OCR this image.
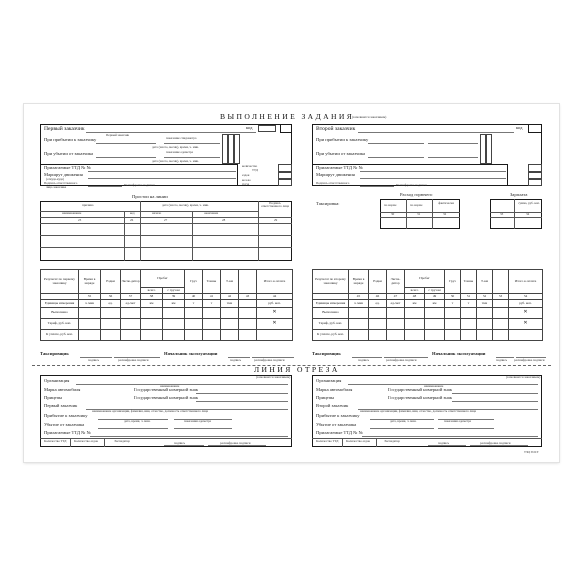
ВЫПОЛНЕНИЕ ЗАДАНИЯ
(заполняется заказчиком)
Первый заказчик	код
Первый заказчик
При прибытии к заказчику	показание спидометра
дата (число, месяц), время, ч. мин.
При убытии от заказчика	показание одометра
дата (число, месяц), время, ч. мин.
Прилагаемые ТТД № №
Маршрут движения
(откуда-куда)
Подпись ответственного
лица заказчика	Расшифровка подписи
количество
ТТД
ездок
кол-во
груза
Второй заказчик	код
При прибытии к заказчику
При убытии от заказчика
Прилагаемые ТТД № №
Маршрут движения
Подпись ответственного	Расшифровка подписи
Простои на линии
причина	дата (число, месяц), время, ч. мин.	Подпись ответственного лица
наименование	код	начало	окончание
23	26	27	28	29
Таксировка:
Расход горючего
по норме	по норме	фактически
30	31	32
Зарплата
сумма, руб. коп.
33	34
Результат по первому заказчику	Время в наряде	Ездки	Экспе-дитор	Пробег		Груз	Тонны	Т-км		Итого к оплате
				всего	с грузом					
	35	36	37	38	39	40	41	42	43	44
Единицы измерения	ч. мин	ед.	ед./нет	км	км	т	т	ткм		руб. коп.
Выполнено										✕
Тариф, руб. коп.										✕
К уплате, руб. коп.										
Результат по второму заказчику	Время в наряде	Ездки	Экспе-дитор	Пробег		Груз	Тонны	Т-км		Итого к оплате
				всего	с грузом					
	45	46	47	48	49	50	51	52	53	54
Единицы измерения	ч. мин	ед.	ед./нет	км	км	т	т	ткм		руб. коп.
Выполнено										✕
Тариф, руб. коп.										✕
К уплате, руб. коп.										
Таксировщик
подпись	расшифровка подписи
Начальник эксплуатации
подпись	расшифровка подписи
Таксировщик
подпись	расшифровка подписи
Начальник эксплуатации
подпись расшифровка подписи
ЛИНИЯ ОТРЕЗА
(заполняется заказчиком)
Организация
наименование
Марка автомобиля	Государственный номерной знак
Прицепы	Государственный номерной знак
Первый заказчик
наименование организации, фамилия, имя, отчество, должность ответственного лица
Прибытие к заказчику
дата, время, ч. мин.	показания одометра
Убытие от заказчика
Прилагаемые ТТД № №
Количество ТТД Количество ездок	Экспедитор	подпись	расшифровка подписи
(заполняется заказчиком)
Организация
наименование
Марка автомобиля	Государственный номерной знак
Прицепы	Государственный номерной знак
Второй заказчик
наименование организации, фамилия, имя, отчество, должность ответственного лица
Прибытие к заказчику
дата, время, ч. мин.	показания одометра
Убытие от заказчика
Прилагаемые ТТД № №
Количество ТТД Количество ездок	Экспедитор	подпись	расшифровка подписи
ТЗЦ ГОСТ
